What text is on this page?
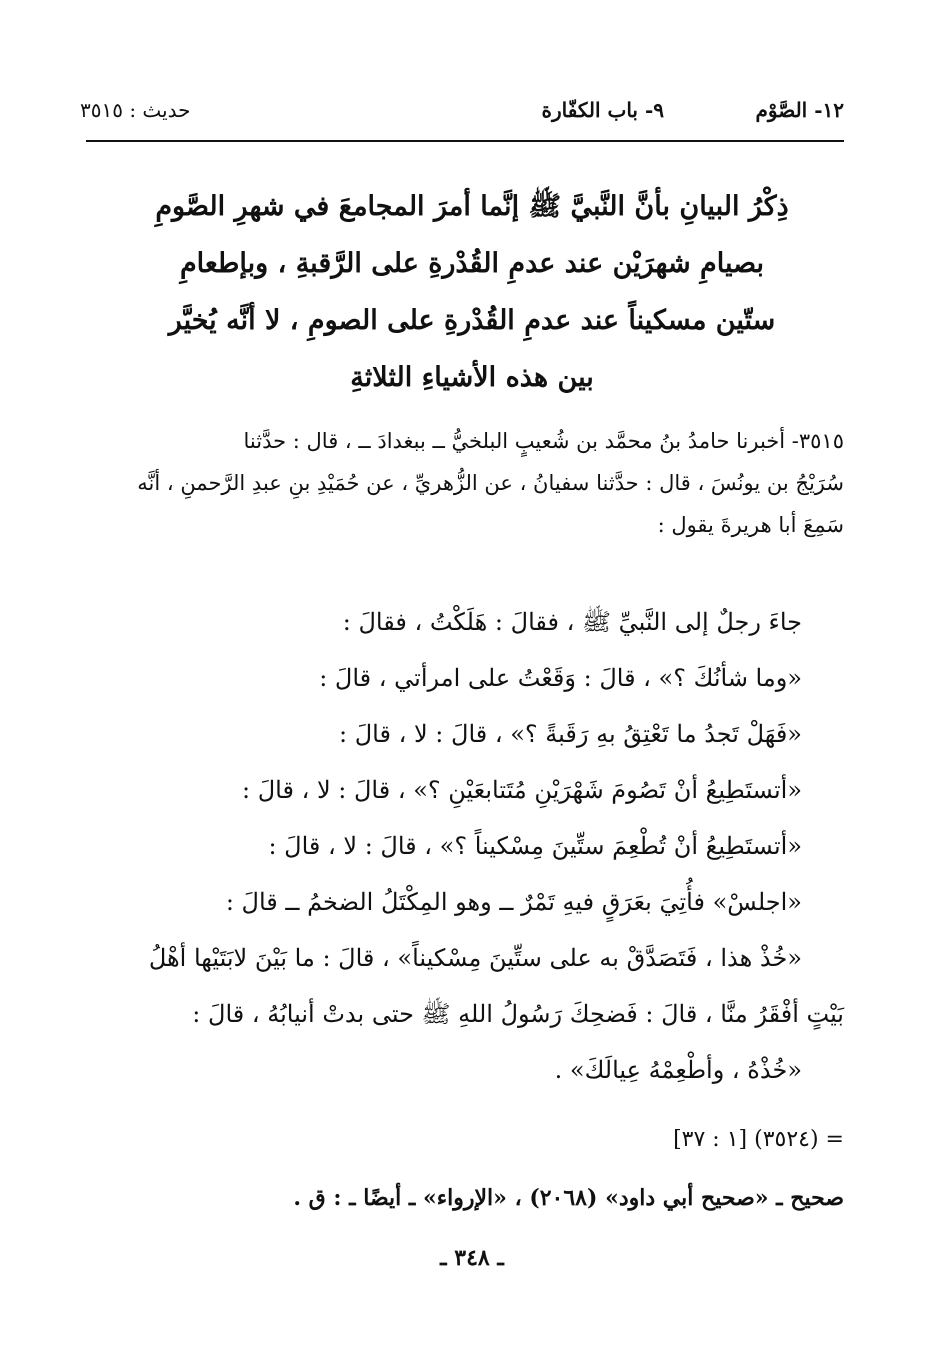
١٢- الصَّوْم
٩- باب الكفّارة
حديث : ٣٥١٥
ذِكْرُ البيانِ بأنَّ النَّبيَّ ﷺ إنَّما أمرَ المجامعَ في شهرِ الصَّومِ
بصيامِ شهرَيْن عند عدمِ القُدْرةِ على الرَّقبةِ ، وبإطعامِ
ستّين مسكيناً عند عدمِ القُدْرةِ على الصومِ ، لا أنَّه يُخيَّر
بين هذه الأشياءِ الثلاثةِ
٣٥١٥- أخبرنا حامدُ بنُ محمَّد بن شُعيبٍ البلخيُّ ــ ببغدادَ ــ ، قال : حدَّثنا
سُرَيْجُ بن يونُسَ ، قال : حدَّثنا سفيانُ ، عن الزُّهريِّ ، عن حُمَيْدِ بنِ عبدِ الرَّحمنِ ، أنَّه
سَمِعَ أبا هريرةَ يقول :
جاءَ رجلٌ إلى النَّبيِّ ﷺ ، فقالَ : هَلَكْتُ ، فقالَ :
«وما شأنُكَ ؟» ، قالَ : وَقَعْتُ على امرأتي ، قالَ :
«فَهَلْ تَجدُ ما تَعْتِقُ بهِ رَقَبةً ؟» ، قالَ : لا ، قالَ :
«أتستَطِيعُ أنْ تَصُومَ شَهْرَيْنِ مُتَتابعَيْنِ ؟» ، قالَ : لا ، قالَ :
«أتستَطِيعُ أنْ تُطْعِمَ ستِّينَ مِسْكيناً ؟» ، قالَ : لا ، قالَ :
«اجلسْ» فأُتِيَ بعَرَقٍ فيهِ تَمْرٌ ــ وهو المِكْتَلُ الضخمُ ــ قالَ :
«خُذْ هذا ، فَتَصَدَّقْ به على ستِّينَ مِسْكيناً» ، قالَ : ما بَيْنَ لابَتَيْها أهْلُ
بَيْتٍ أفْقَرُ منَّا ، قالَ : فَضحِكَ رَسُولُ اللهِ ﷺ حتى بدتْ أنيابُهُ ، قالَ :
«خُذْهُ ، وأطْعِمْهُ عِيالَكَ» .
= (٣٥٢٤) [١ : ٣٧]
صحيح ـ «صحيح أبي داود» (٢٠٦٨) ، «الإرواء» ـ أيضًا ـ : ق .
ـ ٣٤٨ ـ
